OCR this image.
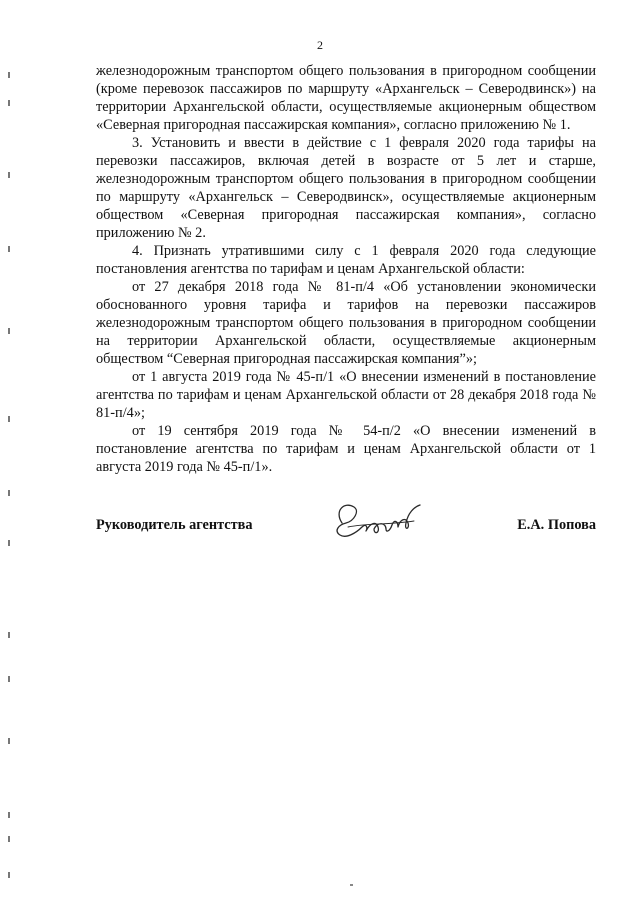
2

железнодорожным транспортом общего пользования в пригородном сообщении (кроме перевозок пассажиров по маршруту «Архангельск – Северодвинск») на территории Архангельской области, осуществляемые акционерным обществом «Северная пригородная пассажирская компания», согласно приложению № 1.

3. Установить и ввести в действие с 1 февраля 2020 года тарифы на перевозки пассажиров, включая детей в возрасте от 5 лет и старше, железнодорожным транспортом общего пользования в пригородном сообщении по маршруту «Архангельск – Северодвинск», осуществляемые акционерным обществом «Северная пригородная пассажирская компания», согласно приложению № 2.

4. Признать утратившими силу с 1 февраля 2020 года следующие постановления агентства по тарифам и ценам Архангельской области:

от 27 декабря 2018 года № 81-п/4 «Об установлении экономически обоснованного уровня тарифа и тарифов на перевозки пассажиров железнодорожным транспортом общего пользования в пригородном сообщении на территории Архангельской области, осуществляемые акционерным обществом “Северная пригородная пассажирская компания”»;

от 1 августа 2019 года № 45-п/1 «О внесении изменений в постановление агентства по тарифам и ценам Архангельской области от 28 декабря 2018 года № 81-п/4»;

от 19 сентября 2019 года № 54-п/2 «О внесении изменений в постановление агентства по тарифам и ценам Архангельской области от 1 августа 2019 года № 45-п/1».

Руководитель агентства	Е.А. Попова
